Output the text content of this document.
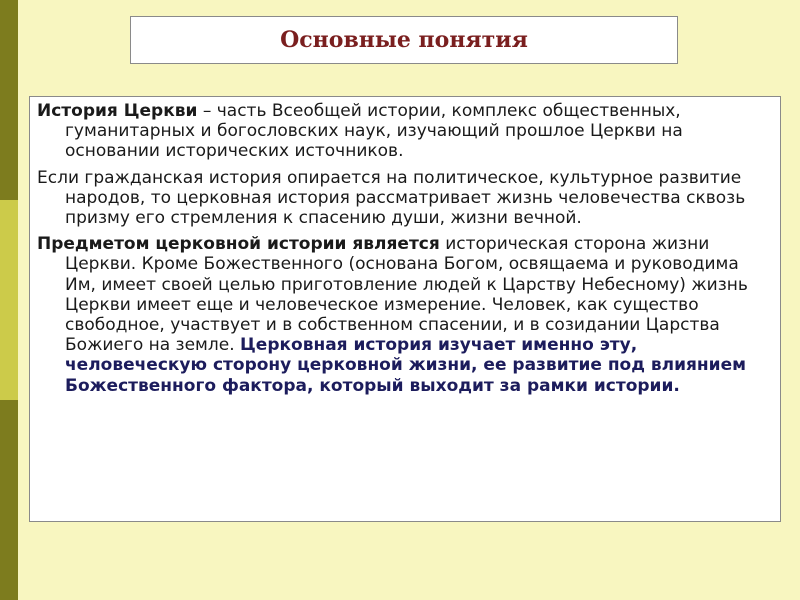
Основные понятия

История Церкви – часть Всеобщей истории, комплекс общественных, гуманитарных и богословских наук, изучающий прошлое Церкви на основании исторических источников.

Если гражданская история опирается на политическое, культурное развитие народов, то церковная история рассматривает жизнь человечества сквозь призму его стремления к спасению души, жизни вечной.

Предметом церковной истории является историческая сторона жизни Церкви. Кроме Божественного (основана Богом, освящаема и руководима Им, имеет своей целью приготовление людей к Царству Небесному) жизнь Церкви имеет еще и человеческое измерение. Человек, как существо свободное, участвует и в собственном спасении, и в созидании Царства Божиего на земле. Церковная история изучает именно эту, человеческую сторону церковной жизни, ее развитие под влиянием Божественного фактора, который выходит за рамки истории.
